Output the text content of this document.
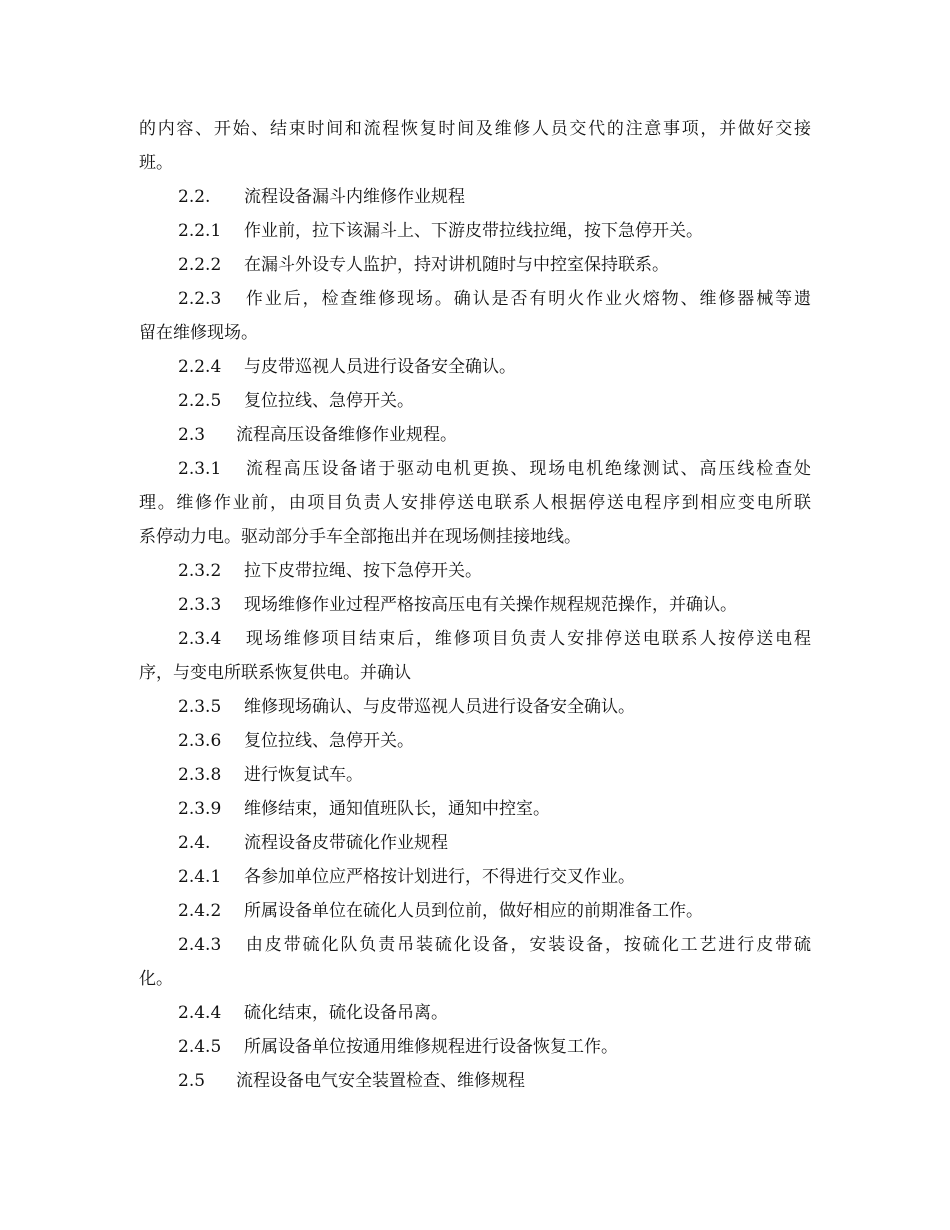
的内容、开始、结束时间和流程恢复时间及维修人员交代的注意事项，并做好交接
班。
2.2. 流程设备漏斗内维修作业规程
2.2.1 作业前，拉下该漏斗上、下游皮带拉线拉绳，按下急停开关。
2.2.2 在漏斗外设专人监护，持对讲机随时与中控室保持联系。
2.2.3 作业后，检查维修现场。确认是否有明火作业火熔物、维修器械等遗
留在维修现场。
2.2.4 与皮带巡视人员进行设备安全确认。
2.2.5 复位拉线、急停开关。
2.3 流程高压设备维修作业规程。
2.3.1 流程高压设备诸于驱动电机更换、现场电机绝缘测试、高压线检查处
理。维修作业前，由项目负责人安排停送电联系人根据停送电程序到相应变电所联
系停动力电。驱动部分手车全部拖出并在现场侧挂接地线。
2.3.2 拉下皮带拉绳、按下急停开关。
2.3.3 现场维修作业过程严格按高压电有关操作规程规范操作，并确认。
2.3.4 现场维修项目结束后，维修项目负责人安排停送电联系人按停送电程
序，与变电所联系恢复供电。并确认
2.3.5 维修现场确认、与皮带巡视人员进行设备安全确认。
2.3.6 复位拉线、急停开关。
2.3.8 进行恢复试车。
2.3.9 维修结束，通知值班队长，通知中控室。
2.4. 流程设备皮带硫化作业规程
2.4.1 各参加单位应严格按计划进行，不得进行交叉作业。
2.4.2 所属设备单位在硫化人员到位前，做好相应的前期准备工作。
2.4.3 由皮带硫化队负责吊装硫化设备，安装设备，按硫化工艺进行皮带硫
化。
2.4.4 硫化结束，硫化设备吊离。
2.4.5 所属设备单位按通用维修规程进行设备恢复工作。
2.5 流程设备电气安全装置检查、维修规程
